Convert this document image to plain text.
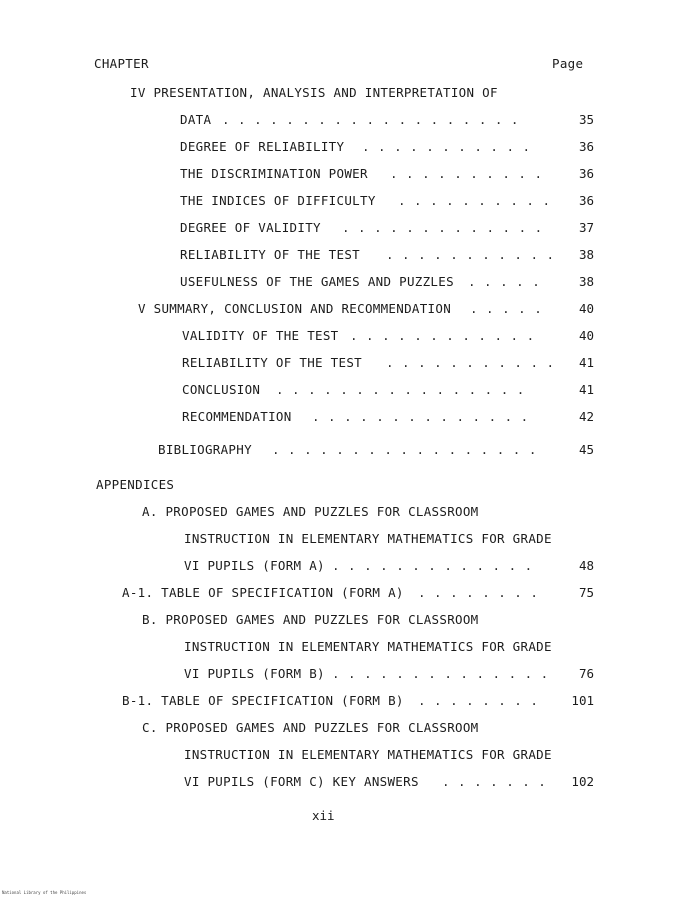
CHAPTER	Page
IV PRESENTATION, ANALYSIS AND INTERPRETATION OF
DATA . . . . . . . . . . . . . . . . . . .	35
DEGREE OF RELIABILITY . . . . . . . . . . .	36
THE DISCRIMINATION POWER . . . . . . . . . .	36
THE INDICES OF DIFFICULTY . . . . . . . . . .	36
DEGREE OF VALIDITY . . . . . . . . . . . . .	37
RELIABILITY OF THE TEST . . . . . . . . . . .	38
USEFULNESS OF THE GAMES AND PUZZLES . . . . .	38
V SUMMARY, CONCLUSION AND RECOMMENDATION . . . . .	40
VALIDITY OF THE TEST . . . . . . . . . . . .	40
RELIABILITY OF THE TEST . . . . . . . . . . .	41
CONCLUSION . . . . . . . . . . . . . . . .	41
RECOMMENDATION . . . . . . . . . . . . . .	42
BIBLIOGRAPHY . . . . . . . . . . . . . . . . .	45
APPENDICES
A. PROPOSED GAMES AND PUZZLES FOR CLASSROOM
INSTRUCTION IN ELEMENTARY MATHEMATICS FOR GRADE
VI PUPILS (FORM A) . . . . . . . . . . . . .	48
A-1. TABLE OF SPECIFICATION (FORM A) . . . . . . . .	75
B. PROPOSED GAMES AND PUZZLES FOR CLASSROOM
INSTRUCTION IN ELEMENTARY MATHEMATICS FOR GRADE
VI PUPILS (FORM B) . . . . . . . . . . . . . .	76
B-1. TABLE OF SPECIFICATION (FORM B) . . . . . . . .	101
C. PROPOSED GAMES AND PUZZLES FOR CLASSROOM
INSTRUCTION IN ELEMENTARY MATHEMATICS FOR GRADE
VI PUPILS (FORM C) KEY ANSWERS . . . . . . .	102
xii
National Library of the Philippines
